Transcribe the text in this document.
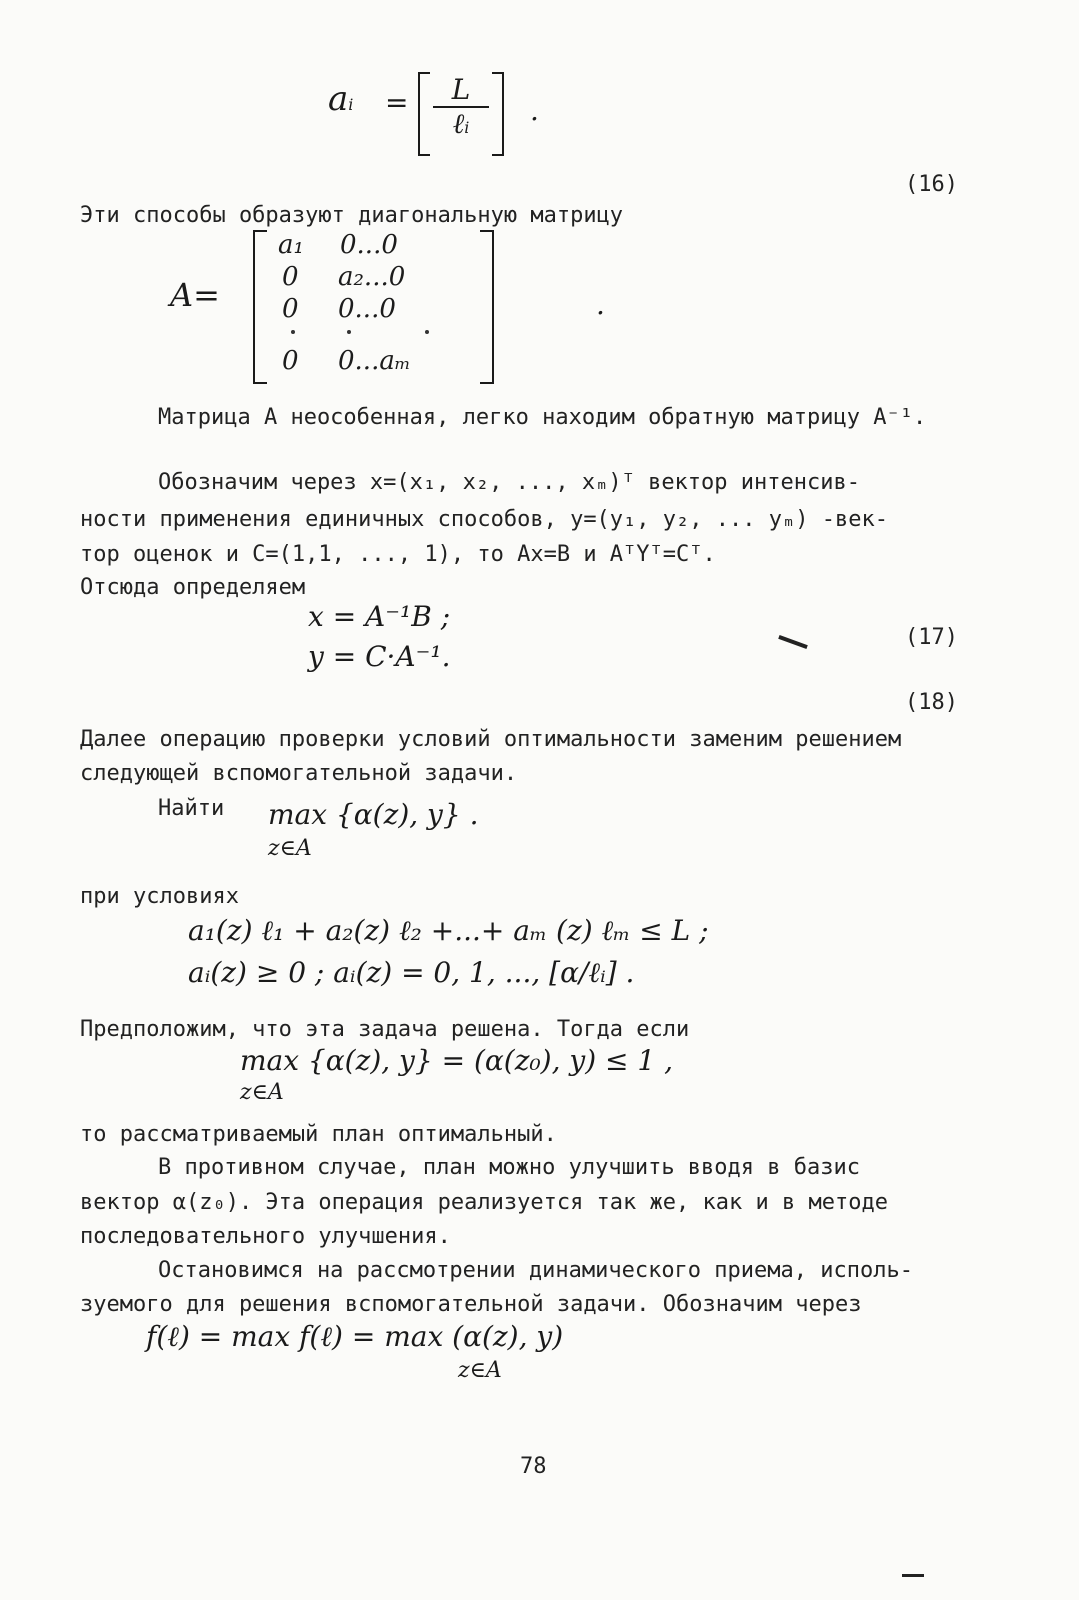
ai =	L
ℓi
.
(16)
Эти способы образуют диагональную матрицу
A=
a₁ 0...0
0 a₂...0
0 0...0
0 0...aₘ
.
Матрица A неособенная, легко находим обратную матрицу A⁻¹.
Обозначим через x=(x₁, x₂, ..., xₘ)ᵀ вектор интенсив-
ности применения единичных способов, y=(y₁, y₂, ... yₘ) -век-
тор оценок и C=(1,1, ..., 1), то Ax=B и AᵀYᵀ=Cᵀ.
Отсюда определяем
x = A⁻¹B ;
y = C·A⁻¹.
(17)
(18)
Далее операцию проверки условий оптимальности заменим решением
следующей вспомогательной задачи.
Найти max {α(z), y} .
z∈A
при условиях
a₁(z) ℓ₁ + a₂(z) ℓ₂ +...+ aₘ (z) ℓₘ ≤ L ;
aᵢ(z) ≥ 0 ; aᵢ(z) = 0, 1, ..., [α/ℓᵢ] .
Предположим, что эта задача решена. Тогда если
max {α(z), y} = (α(z₀), y) ≤ 1 ,
z∈A
то рассматриваемый план оптимальный.
В противном случае, план можно улучшить вводя в базис
вектор α(z₀). Эта операция реализуется так же, как и в методе
последовательного улучшения.
Остановимся на рассмотрении динамического приема, исполь-
зуемого для решения вспомогательной задачи. Обозначим через
f(ℓ) = max f(ℓ) = max (α(z), y)
z∈A
78
